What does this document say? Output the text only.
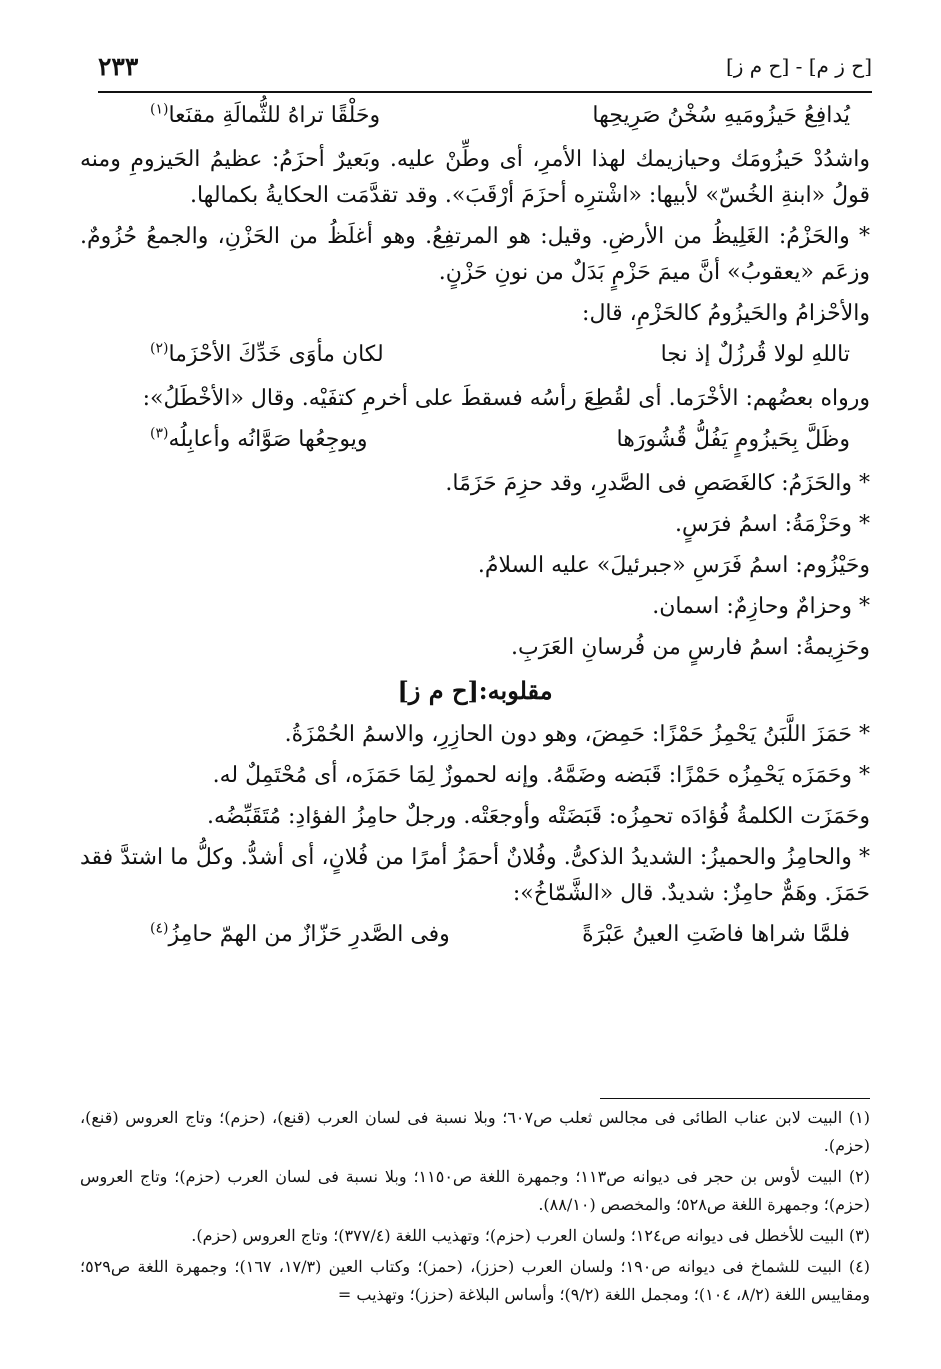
٢٣٣	[ح ز م] - [ح م ز]
يُدافِعُ حَيزُومَيهِ سُخْنُ صَرِيحِها
وحَلْقًا تراهُ للثُّمالَةِ مقنَعا$^{(١)}$

واشدُدْ حَيزُومَك وحيازيمك لهذا الأمرِ، أى وطِّنْ عليه. وبَعيرٌ أحزَمُ: عظيمُ الحَيزومِ ومنه قولُ «ابنةِ الخُسّ» لأبيها: «اشْترِه أحزَمَ أرْقَبَ». وقد تقدَّمَت الحكايةُ بكمالها.

* والحَزْمُ: الغَلِيظُ من الأرضِ. وقيل: هو المرتفِعُ. وهو أغلَظُ من الحَزْنِ، والجمعُ حُزُومٌ. وزعَم «يعقوبُ» أنَّ ميمَ حَزْمٍ بَدَلٌ من نونِ حَزْنٍ.

والأحْزامُ والحَيزُومُ كالحَزْمِ، قال:

تاللهِ لولا قُرزُلٌ إذ نجا
لكان مأوَى خَدِّكَ الأحْزَما$^{(٢)}$

ورواه بعضُهم: الأخْرَما. أى لقُطِعَ رأسُه فسقطَ على أخرمِ كتفَيْه. وقال «الأخْطَلُ»:

وظَلَّ بِحَيزُومٍ يَفُلُّ قُشُورَها
ويوجِعُها صَوَّانُه وأعابِلُه$^{(٣)}$

* والحَزَمُ: كالغَصَصِ فى الصَّدرِ، وقد حزِمَ حَزَمًا.

* وحَزْمَةُ: اسمُ فرَسٍ.

وحَيْزُوم: اسمُ فَرَسِ «جبرئيلَ» عليه السلامُ.

* وحزامٌ وحازِمٌ: اسمان.

وحَزِيمةُ: اسمُ فارسٍ من فُرسانِ العَرَبِ.

مقلوبه:[ح م ز]

* حَمَزَ اللَّبَنُ يَحْمِزُ حَمْزًا: حَمِضَ، وهو دون الحازِرِ، والاسمُ الحُمْزَةُ.

* وحَمَزَه يَحْمِزُه حَمْزًا: قَبَضه وضَمَّهُ. وإنه لحموزٌ لِمَا حَمَزَه، أى مُحْتَمِلٌ له.

وحَمَزَت الكلمةُ فُؤادَه تحمِزُه: قَبَضَتْه وأوجعَتْه. ورجلٌ حامِزُ الفؤادِ: مُتَقَبِّضُه.

* والحامِزُ والحميزُ: الشديدُ الذكىُّ. وفُلانٌ أحمَزُ أمرًا من فُلانٍ، أى أشدُّ. وكلُّ ما اشتدَّ فقد حَمَزَ. وهَمٌّ حامِزٌ: شديدٌ. قال «الشَّمّاخُ»:

فلمَّا شراها فاضَتِ العينُ عَبْرَةً
وفى الصَّدرِ حَزّازٌ من الهمّ حامِزُ$^{(٤)}$

(١) البيت لابن عناب الطائى فى مجالس ثعلب ص٦٠٧؛ وبلا نسبة فى لسان العرب (قنع)، (حزم)؛ وتاج العروس (قنع)، (حزم).

(٢) البيت لأوس بن حجر فى ديوانه ص١١٣؛ وجمهرة اللغة ص١١٥٠؛ وبلا نسبة فى لسان العرب (حزم)؛ وتاج العروس (حزم)؛ وجمهرة اللغة ص٥٢٨؛ والمخصص (٨٨/١٠).

(٣) البيت للأخطل فى ديوانه ص١٢٤؛ ولسان العرب (حزم)؛ وتهذيب اللغة (٣٧٧/٤)؛ وتاج العروس (حزم).

(٤) البيت للشماخ فى ديوانه ص١٩٠؛ ولسان العرب (حزز)، (حمز)؛ وكتاب العين (١٧/٣، ١٦٧)؛ وجمهرة اللغة ص٥٢٩؛ ومقاييس اللغة (٨/٢، ١٠٤)؛ ومجمل اللغة (٩/٢)؛ وأساس البلاغة (حزز)؛ وتهذيب =
